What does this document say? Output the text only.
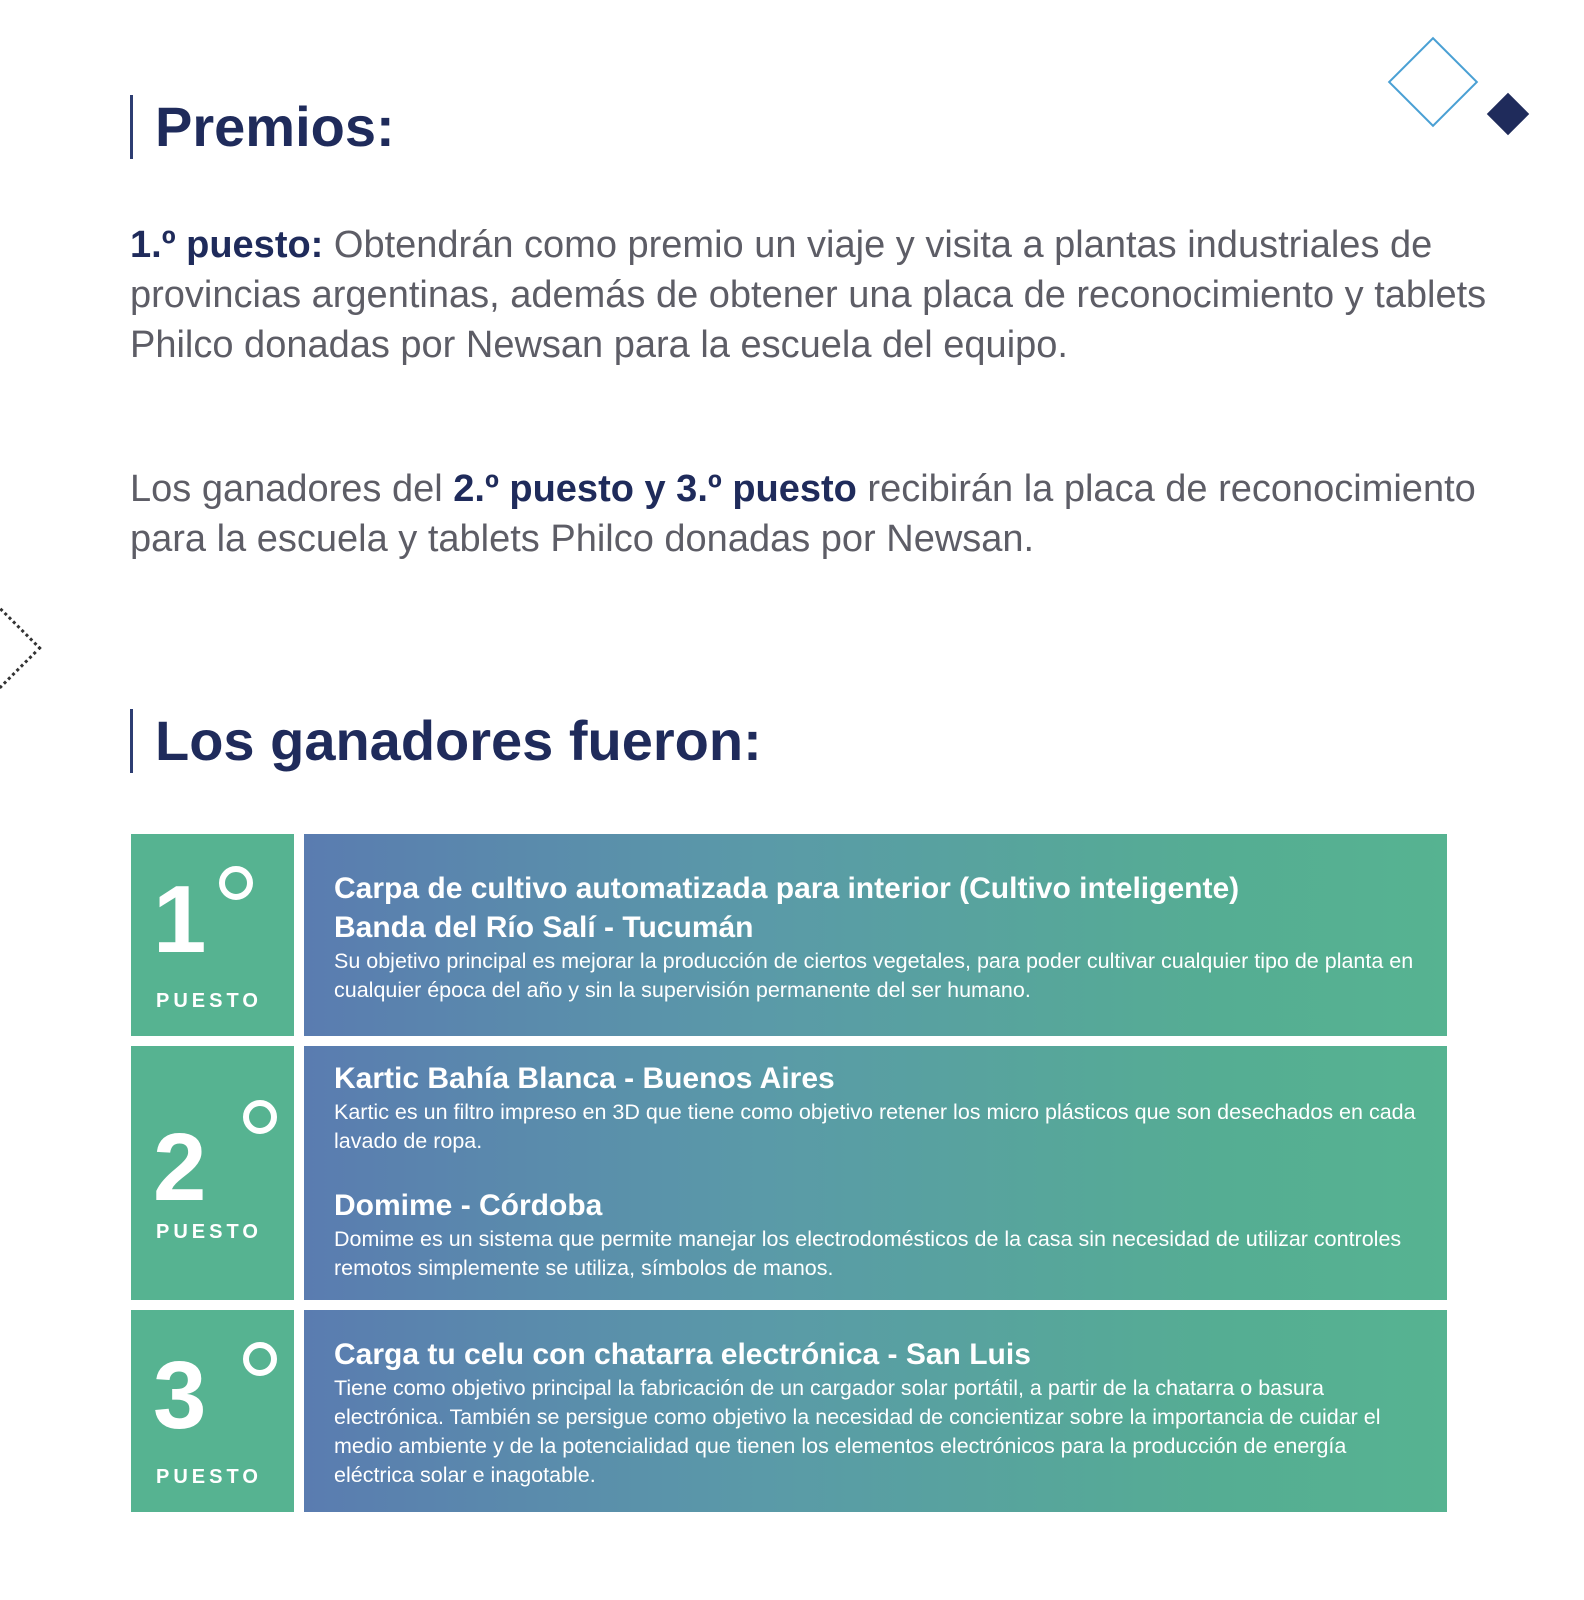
Premios:

1.º puesto: Obtendrán como premio un viaje y visita a plantas industriales de provincias argentinas, además de obtener una placa de reconocimiento y tablets Philco donadas por Newsan para la escuela del equipo.

Los ganadores del 2.º puesto y 3.º puesto recibirán la placa de reconocimiento para la escuela y tablets Philco donadas por Newsan.

Los ganadores fueron:
1
PUESTO

Carpa de cultivo automatizada para interior (Cultivo inteligente)

Banda del Río Salí - Tucumán

Su objetivo principal es mejorar la producción de ciertos vegetales, para poder cultivar cualquier tipo de planta en cualquier época del año y sin la supervisión permanente del ser humano.

2
PUESTO

Kartic Bahía Blanca - Buenos Aires

Kartic es un filtro impreso en 3D que tiene como objetivo retener los micro plásticos que son desechados en cada lavado de ropa.

Domime - Córdoba

Domime es un sistema que permite manejar los electrodomésticos de la casa sin necesidad de utilizar controles remotos simplemente se utiliza, símbolos de manos.

3
PUESTO

Carga tu celu con chatarra electrónica - San Luis

Tiene como objetivo principal la fabricación de un cargador solar portátil, a partir de la chatarra o basura electrónica. También se persigue como objetivo la necesidad de concientizar sobre la importancia de cuidar el medio ambiente y de la potencialidad que tienen los elementos electrónicos para la producción de energía eléctrica solar e inagotable.
